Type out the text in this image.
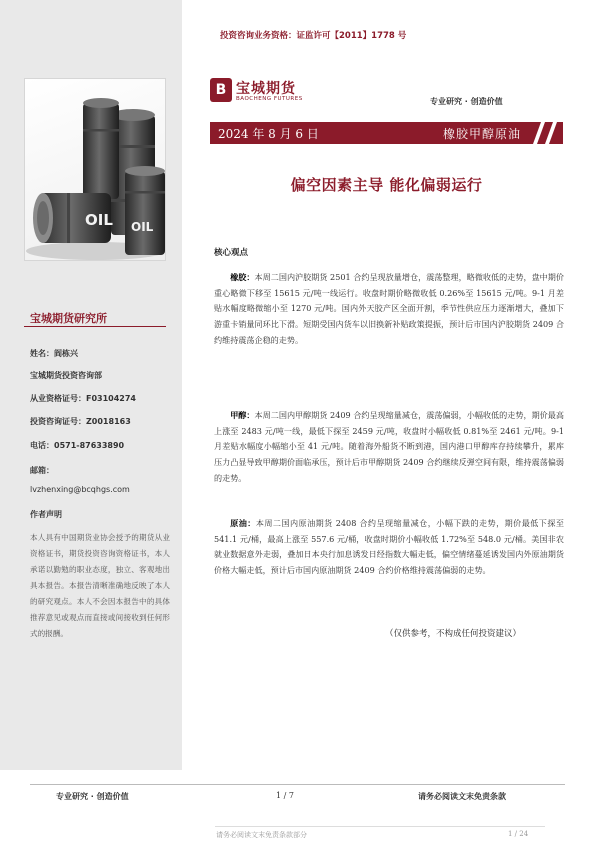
OIL OIL
宝城期货研究所
姓名：阎栋兴
宝城期货投资咨询部
从业资格证号：F03104274
投资咨询证号：Z0018163
电话：0571-87633890
邮箱：
lvzhenxing@bcqhgs.com
作者声明
本人具有中国期货业协会授予的期货从业资格证书，期货投资咨询资格证书，本人承诺以勤勉的职业态度，独立、客观地出具本报告。本报告清晰准确地反映了本人的研究观点。本人不会因本报告中的具体推荐意见或观点而直接或间接收到任何形式的报酬。
投资咨询业务资格：证监许可【2011】1778 号
B 宝城期货
BAOCHENG FUTURES	专业研究 · 创造价值
2024 年 8 月 6 日	橡胶甲醇原油
偏空因素主导 能化偏弱运行
核心观点
橡胶：本周二国内沪胶期货 2501 合约呈现放量增仓，震荡整理，略微收低的走势，盘中期价重心略微下移至 15615 元/吨一线运行。收盘时期价略微收低 0.26%至 15615 元/吨。9-1 月差贴水幅度略微缩小至 1270 元/吨。国内外天胶产区全面开割，季节性供应压力逐渐增大，叠加下游重卡销量同环比下滑。短期受国内货车以旧换新补贴政策提振，预计后市国内沪胶期货 2409 合约维持震荡企稳的走势。
甲醇：本周二国内甲醇期货 2409 合约呈现缩量减仓，震荡偏弱，小幅收低的走势，期价最高上涨至 2483 元/吨一线，最低下探至 2459 元/吨，收盘时小幅收低 0.81%至 2461 元/吨。9-1 月差贴水幅度小幅缩小至 41 元/吨。随着海外船货不断到港，国内港口甲醇库存持续攀升，累库压力凸显导致甲醇期价面临承压，预计后市甲醇期货 2409 合约继续反弹空间有限，维持震荡偏弱的走势。
原油：本周二国内原油期货 2408 合约呈现缩量减仓，小幅下跌的走势，期价最低下探至 541.1 元/桶，最高上涨至 557.6 元/桶，收盘时期价小幅收低 1.72%至 548.0 元/桶。美国非农就业数据意外走弱，叠加日本央行加息诱发日经指数大幅走低，偏空情绪蔓延诱发国内外原油期货价格大幅走低，预计后市国内原油期货 2409 合约价格维持震荡偏弱的走势。
（仅供参考，不构成任何投资建议）
专业研究 · 创造价值	1 / 7	请务必阅读文末免责条款
请务必阅读文末免责条款部分	1 / 24
